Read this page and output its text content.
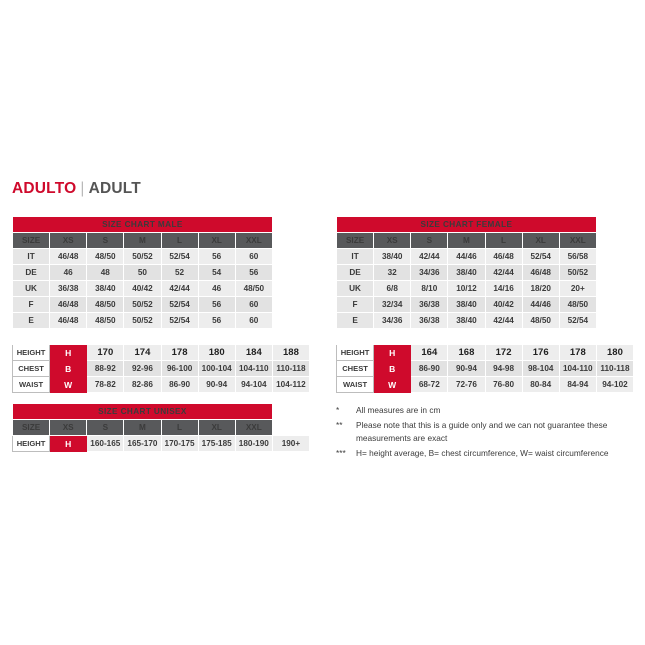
ADULTO | ADULT
SIZE CHART MALE							
SIZE	XS	S	M	L	XL	XXL	
IT	46/48	48/50	50/52	52/54	56	60	
DE	46	48	50	52	54	56	
UK	36/38	38/40	40/42	42/44	46	48/50	
F	46/48	48/50	50/52	52/54	56	60	
E	46/48	48/50	50/52	52/54	56	60	

HEIGHT	H	170	174	178	180	184	188
CHEST	B	88-92	92-96	96-100	100-104	104-110	110-118
WAIST	W	78-82	82-86	86-90	90-94	94-104	104-112
SIZE CHART FEMALE							
SIZE	XS	S	M	L	XL	XXL	
IT	38/40	42/44	44/46	46/48	52/54	56/58	
DE	32	34/36	38/40	42/44	46/48	50/52	
UK	6/8	8/10	10/12	14/16	18/20	20+	
F	32/34	36/38	38/40	40/42	44/46	48/50	
E	34/36	36/38	38/40	42/44	48/50	52/54	

HEIGHT	H	164	168	172	176	178	180
CHEST	B	86-90	90-94	94-98	98-104	104-110	110-118
WAIST	W	68-72	72-76	76-80	80-84	84-94	94-102
SIZE CHART UNISEX							
SIZE	XS	S	M	L	XL	XXL	
HEIGHT	H	160-165	165-170	170-175	175-185	180-190	190+
*	All measures are in cm
**	Please note that this is a guide only and we can not guarantee these measurements are exact
***	H= height average, B= chest circumference, W= waist circumference
